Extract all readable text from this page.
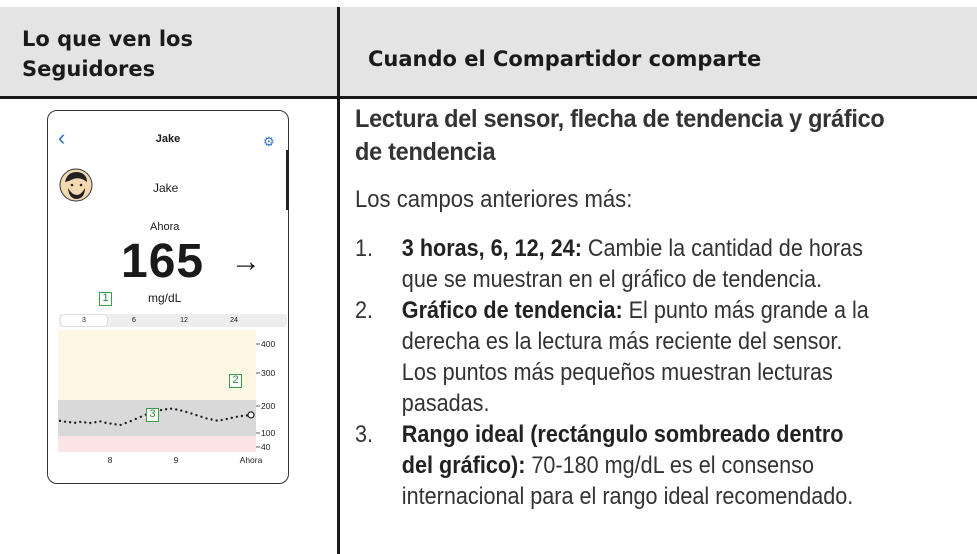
Lo que ven los
Seguidores	Cuando el Compartidor comparte
‹	Jake	⚙
Jake
Ahora
165 →
1	mg/dL
3	6	12	24
400
300
200
100
40
8	9	Ahora
2
3
Lectura del sensor, flecha de tendencia y gráfico
de tendencia
Los campos anteriores más:
1. 3 horas, 6, 12, 24: Cambie la cantidad de horas
que se muestran en el gráfico de tendencia.
2. Gráfico de tendencia: El punto más grande a la
derecha es la lectura más reciente del sensor.
Los puntos más pequeños muestran lecturas
pasadas.
3. Rango ideal (rectángulo sombreado dentro
del gráfico): 70-180 mg/dL es el consenso
internacional para el rango ideal recomendado.
